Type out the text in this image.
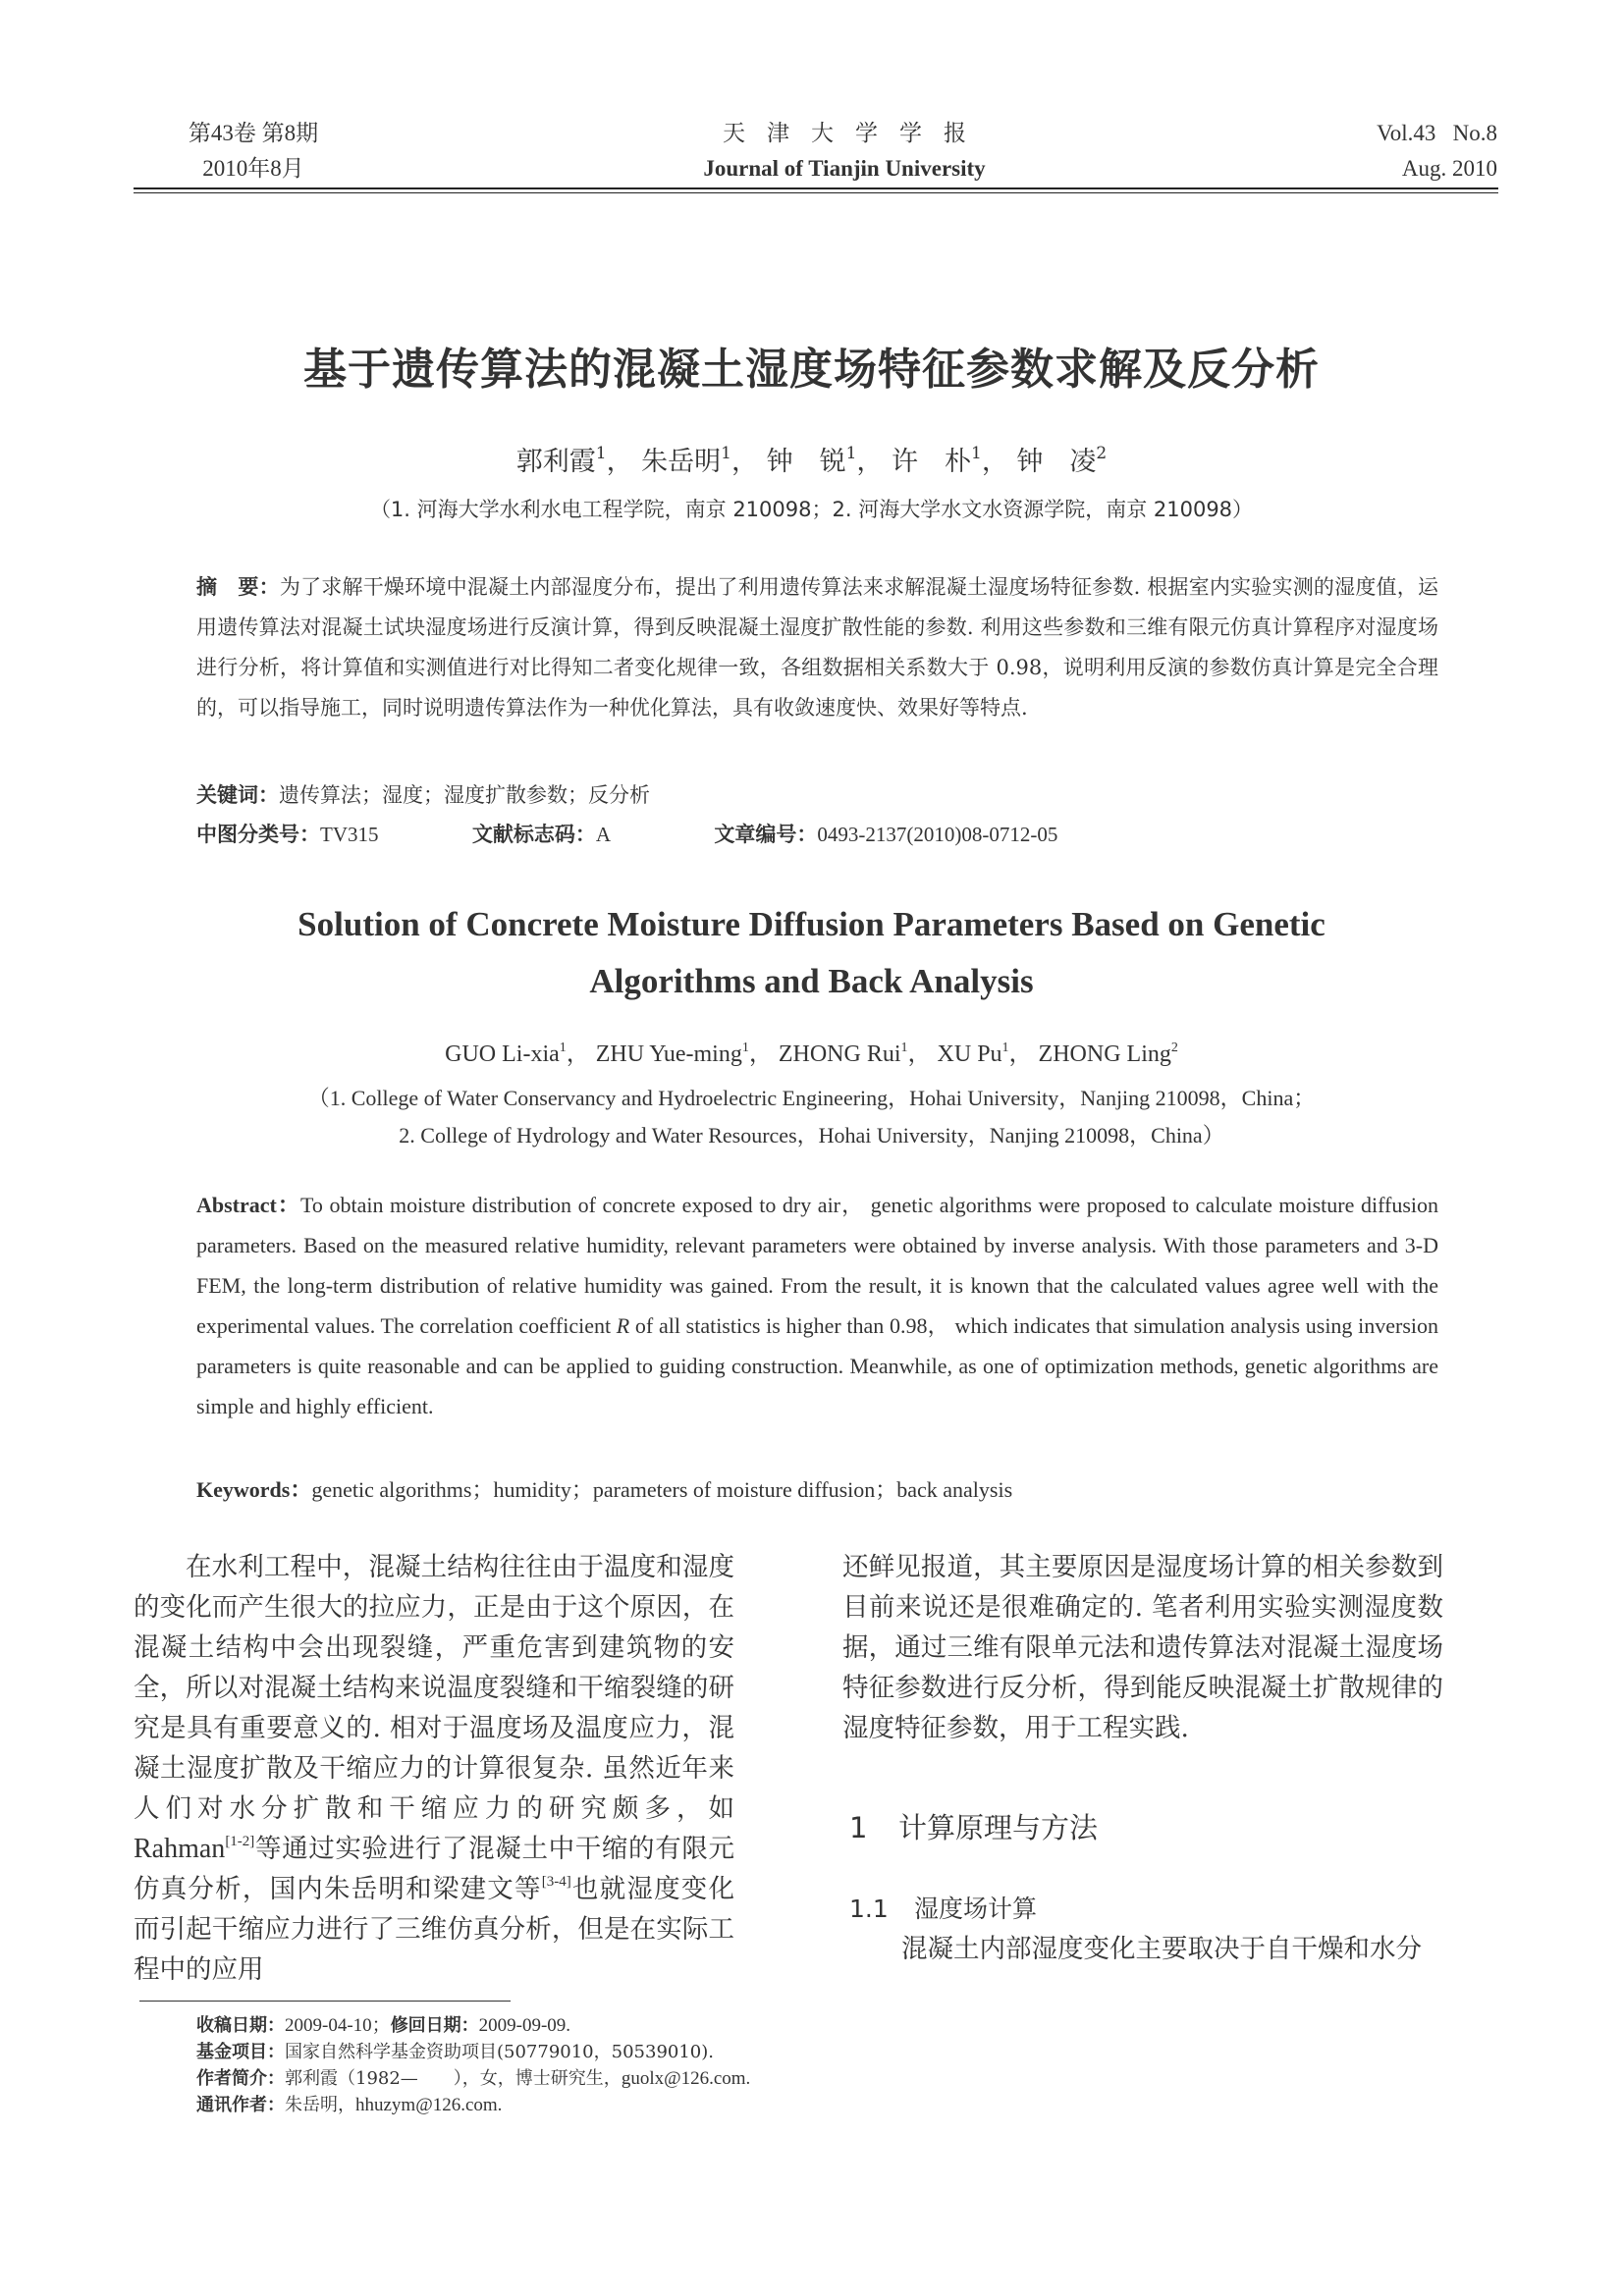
第43卷 第8期
2010年8月
天津大学学报
Journal of Tianjin University
Vol.43   No.8
Aug. 2010
基于遗传算法的混凝土湿度场特征参数求解及反分析
郭利霞$^1$， 朱岳明$^1$， 钟　锐$^1$， 许　朴$^1$， 钟　凌$^2$
（1. 河海大学水利水电工程学院，南京 210098；2. 河海大学水文水资源学院，南京 210098）
摘　要：为了求解干燥环境中混凝土内部湿度分布，提出了利用遗传算法来求解混凝土湿度场特征参数. 根据室内实验实测的湿度值，运用遗传算法对混凝土试块湿度场进行反演计算，得到反映混凝土湿度扩散性能的参数. 利用这些参数和三维有限元仿真计算程序对湿度场进行分析，将计算值和实测值进行对比得知二者变化规律一致，各组数据相关系数大于 0.98，说明利用反演的参数仿真计算是完全合理的，可以指导施工，同时说明遗传算法作为一种优化算法，具有收敛速度快、效果好等特点.
关键词：遗传算法；湿度；湿度扩散参数；反分析
中图分类号：TV315	文献标志码：A	文章编号：0493-2137(2010)08-0712-05
Solution of Concrete Moisture Diffusion Parameters Based on Genetic
Algorithms and Back Analysis
GUO Li-xia$^1$， ZHU Yue-ming$^1$， ZHONG Rui$^1$， XU Pu$^1$， ZHONG Ling$^2$
（1. College of Water Conservancy and Hydroelectric Engineering，Hohai University，Nanjing 210098，China；
2. College of Hydrology and Water Resources，Hohai University，Nanjing 210098，China）
Abstract：To obtain moisture distribution of concrete exposed to dry air， genetic algorithms were proposed to calculate moisture diffusion parameters. Based on the measured relative humidity, relevant parameters were obtained by inverse analysis. With those parameters and 3-D FEM, the long-term distribution of relative humidity was gained. From the result, it is known that the calculated values agree well with the experimental values. The correlation coefficient R of all statistics is higher than 0.98， which indicates that simulation analysis using inversion parameters is quite reasonable and can be applied to guiding construction. Meanwhile, as one of optimization methods, genetic algorithms are simple and highly efficient.
Keywords：genetic algorithms；humidity；parameters of moisture diffusion；back analysis

在水利工程中，混凝土结构往往由于温度和湿度的变化而产生很大的拉应力，正是由于这个原因，在混凝土结构中会出现裂缝，严重危害到建筑物的安全，所以对混凝土结构来说温度裂缝和干缩裂缝的研究是具有重要意义的. 相对于温度场及温度应力，混凝土湿度扩散及干缩应力的计算很复杂. 虽然近年来人们对水分扩散和干缩应力的研究颇多，如 Rahman[1-2]等通过实验进行了混凝土中干缩的有限元仿真分析，国内朱岳明和梁建文等[3-4]也就湿度变化而引起干缩应力进行了三维仿真分析，但是在实际工程中的应用

还鲜见报道，其主要原因是湿度场计算的相关参数到目前来说还是很难确定的. 笔者利用实验实测湿度数据，通过三维有限单元法和遗传算法对混凝土湿度场特征参数进行反分析，得到能反映混凝土扩散规律的湿度特征参数，用于工程实践.

1 计算原理与方法
1.1 湿度场计算
混凝土内部湿度变化主要取决于自干燥和水分
收稿日期：2009-04-10；修回日期：2009-09-09.
基金项目：国家自然科学基金资助项目(50779010，50539010).
作者简介：郭利霞（1982—　　），女，博士研究生，guolx@126.com.
通讯作者：朱岳明，hhuzym@126.com.
